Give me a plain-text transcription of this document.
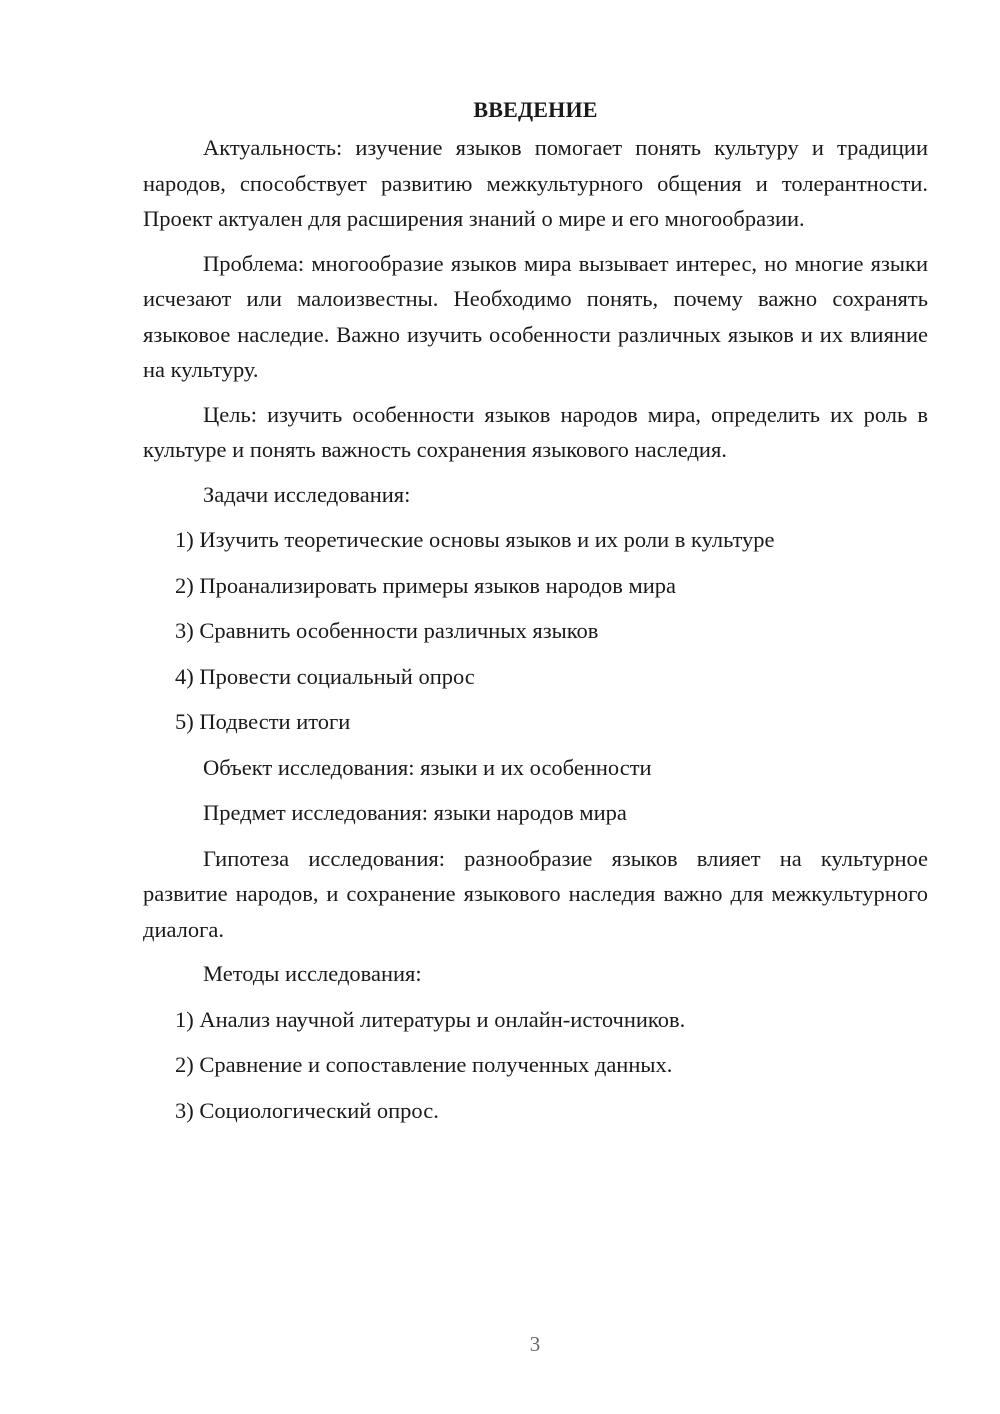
ВВЕДЕНИЕ

Актуальность: изучение языков помогает понять культуру и традиции народов, способствует развитию межкультурного общения и толерантности. Проект актуален для расширения знаний о мире и его многообразии.

Проблема: многообразие языков мира вызывает интерес, но многие языки исчезают или малоизвестны. Необходимо понять, почему важно сохранять языковое наследие. Важно изучить особенности различных языков и их влияние на культуру.

Цель: изучить особенности языков народов мира, определить их роль в культуре и понять важность сохранения языкового наследия.

Задачи исследования:
1) Изучить теоретические основы языков и их роли в культуре
2) Проанализировать примеры языков народов мира
3) Сравнить особенности различных языков
4) Провести социальный опрос
5) Подвести итоги
Объект исследования: языки и их особенности
Предмет исследования: языки народов мира

Гипотеза исследования: разнообразие языков влияет на культурное развитие народов, и сохранение языкового наследия важно для межкультурного диалога.

Методы исследования:
1) Анализ научной литературы и онлайн-источников.
2) Сравнение и сопоставление полученных данных.
3) Социологический опрос.
3
